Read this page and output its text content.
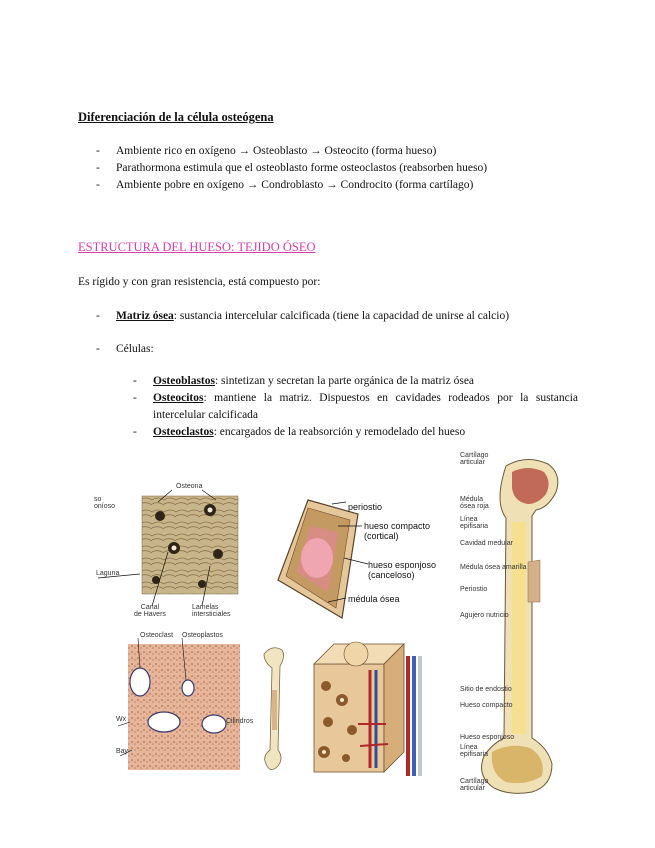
Diferenciación de la célula osteógena
- Ambiente rico en oxígeno → Osteoblasto → Osteocito (forma hueso)
- Parathormona estimula que el osteoblasto forme osteoclastos (reabsorben hueso)
- Ambiente pobre en oxígeno → Condroblasto → Condrocito (forma cartílago)
ESTRUCTURA DEL HUESO: TEJIDO ÓSEO
Es rígido y con gran resistencia, está compuesto por:
- Matriz ósea: sustancia intercelular calcificada (tiene la capacidad de unirse al calcio)
- Células:
- Osteoblastos: sintetizan y secretan la parte orgánica de la matriz ósea
- Osteocitos: mantiene la matriz. Dispuestos en cavidades rodeados por la sustancia intercelular calcificada
- Osteoclastos: encargados de la reabsorción y remodelado del hueso
Osteona
so
oníoso
Laguna
Canal
de Havers
Lamelas
intersticiales
periostio
hueso compacto
(cortical)
hueso esponjoso
(canceloso)
médula ósea
Osteoclast Osteoplastos
Cilindros
Wx
Bay
Cartílago
articular
Médula
ósea roja
Línea
epifisaria
Cavidad medular
Médula ósea amarilla
Periostio
Agujero nutricio
Sitio de endostio
Hueso compacto
Hueso esponjoso
Línea
epifisaria
Cartílago
articular
